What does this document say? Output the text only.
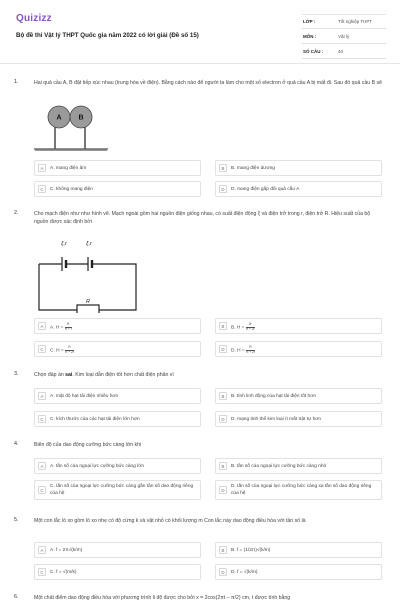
Quizizz
Bộ đề thi Vật lý THPT Quốc gia năm 2022 có lời giải (Đề số 15)
LỚP :	Tốt nghiệp THPT
MÔN :	Vật lý
SỐ CÂU :	40
1.	Hai quả cầu A, B đặt tiếp xúc nhau (trung hòa về điện). Bằng cách nào để người ta làm cho một số electron ở quả cầu A bị mất đi. Sau đó quả cầu B sẽ
A B
A	A. mang điện âm	B	B. mang điện dương
C	C. không mang điện	D	D. mang điện gấp đôi quả cầu A
2.	Cho mạch điện như như hình vẽ. Mạch ngoài gồm hai nguồn điện giống nhau, có suất điện động ξ và điện trở trong r, điện trở R. Hiệu suất của bộ nguồn được xác định bởi
ξ,r	ξ,r
R
A	A. $H = \frac{R}{R + r}$	B	B. $H = \frac{2r}{R + 2r}$
C	C. $H = \frac{R}{R + 2r}$	D	D. $H = \frac{R}{R + 2r}$
3.	Chọn đáp án sai. Kim loại dẫn điện tốt hơn chất điện phân vì
A	A. mật độ hạt tải điện nhiều hơn	B	B. tính linh động của hạt tải điện tốt hơn
C	C. kích thước của các hạt tải điện lớn hơn	D	D. mạng tinh thể kim loại ít mất trật tự hơn
4.	Biên độ của dao động cưỡng bức càng lớn khi
A	A. tần số của ngoại lực cưỡng bức càng lớn	B	B. tần số của ngoại lực cưỡng bức càng nhỏ
C
C. tần số của ngoại lực cưỡng bức càng gần tần số dao động riêng của hệ
D
D. tần số của ngoại lực cưỡng bức càng xa tần số dao động riêng của hệ
5.	Một con lắc lò xo gồm lò xo nhẹ có độ cứng k và vật nhỏ có khối lượng m Con lắc này dao động điều hòa với tần số là
A	A. f = 2π√(k/m)	B	B. f = (1/2π)√(k/m)
C	C. f = √(m/k)	D	D. f = √(k/m)
6.	Một chất điểm dao động điều hòa với phương trình li độ được cho bởi x = 2cos(2πt – π/2) cm, t được tính bằng
